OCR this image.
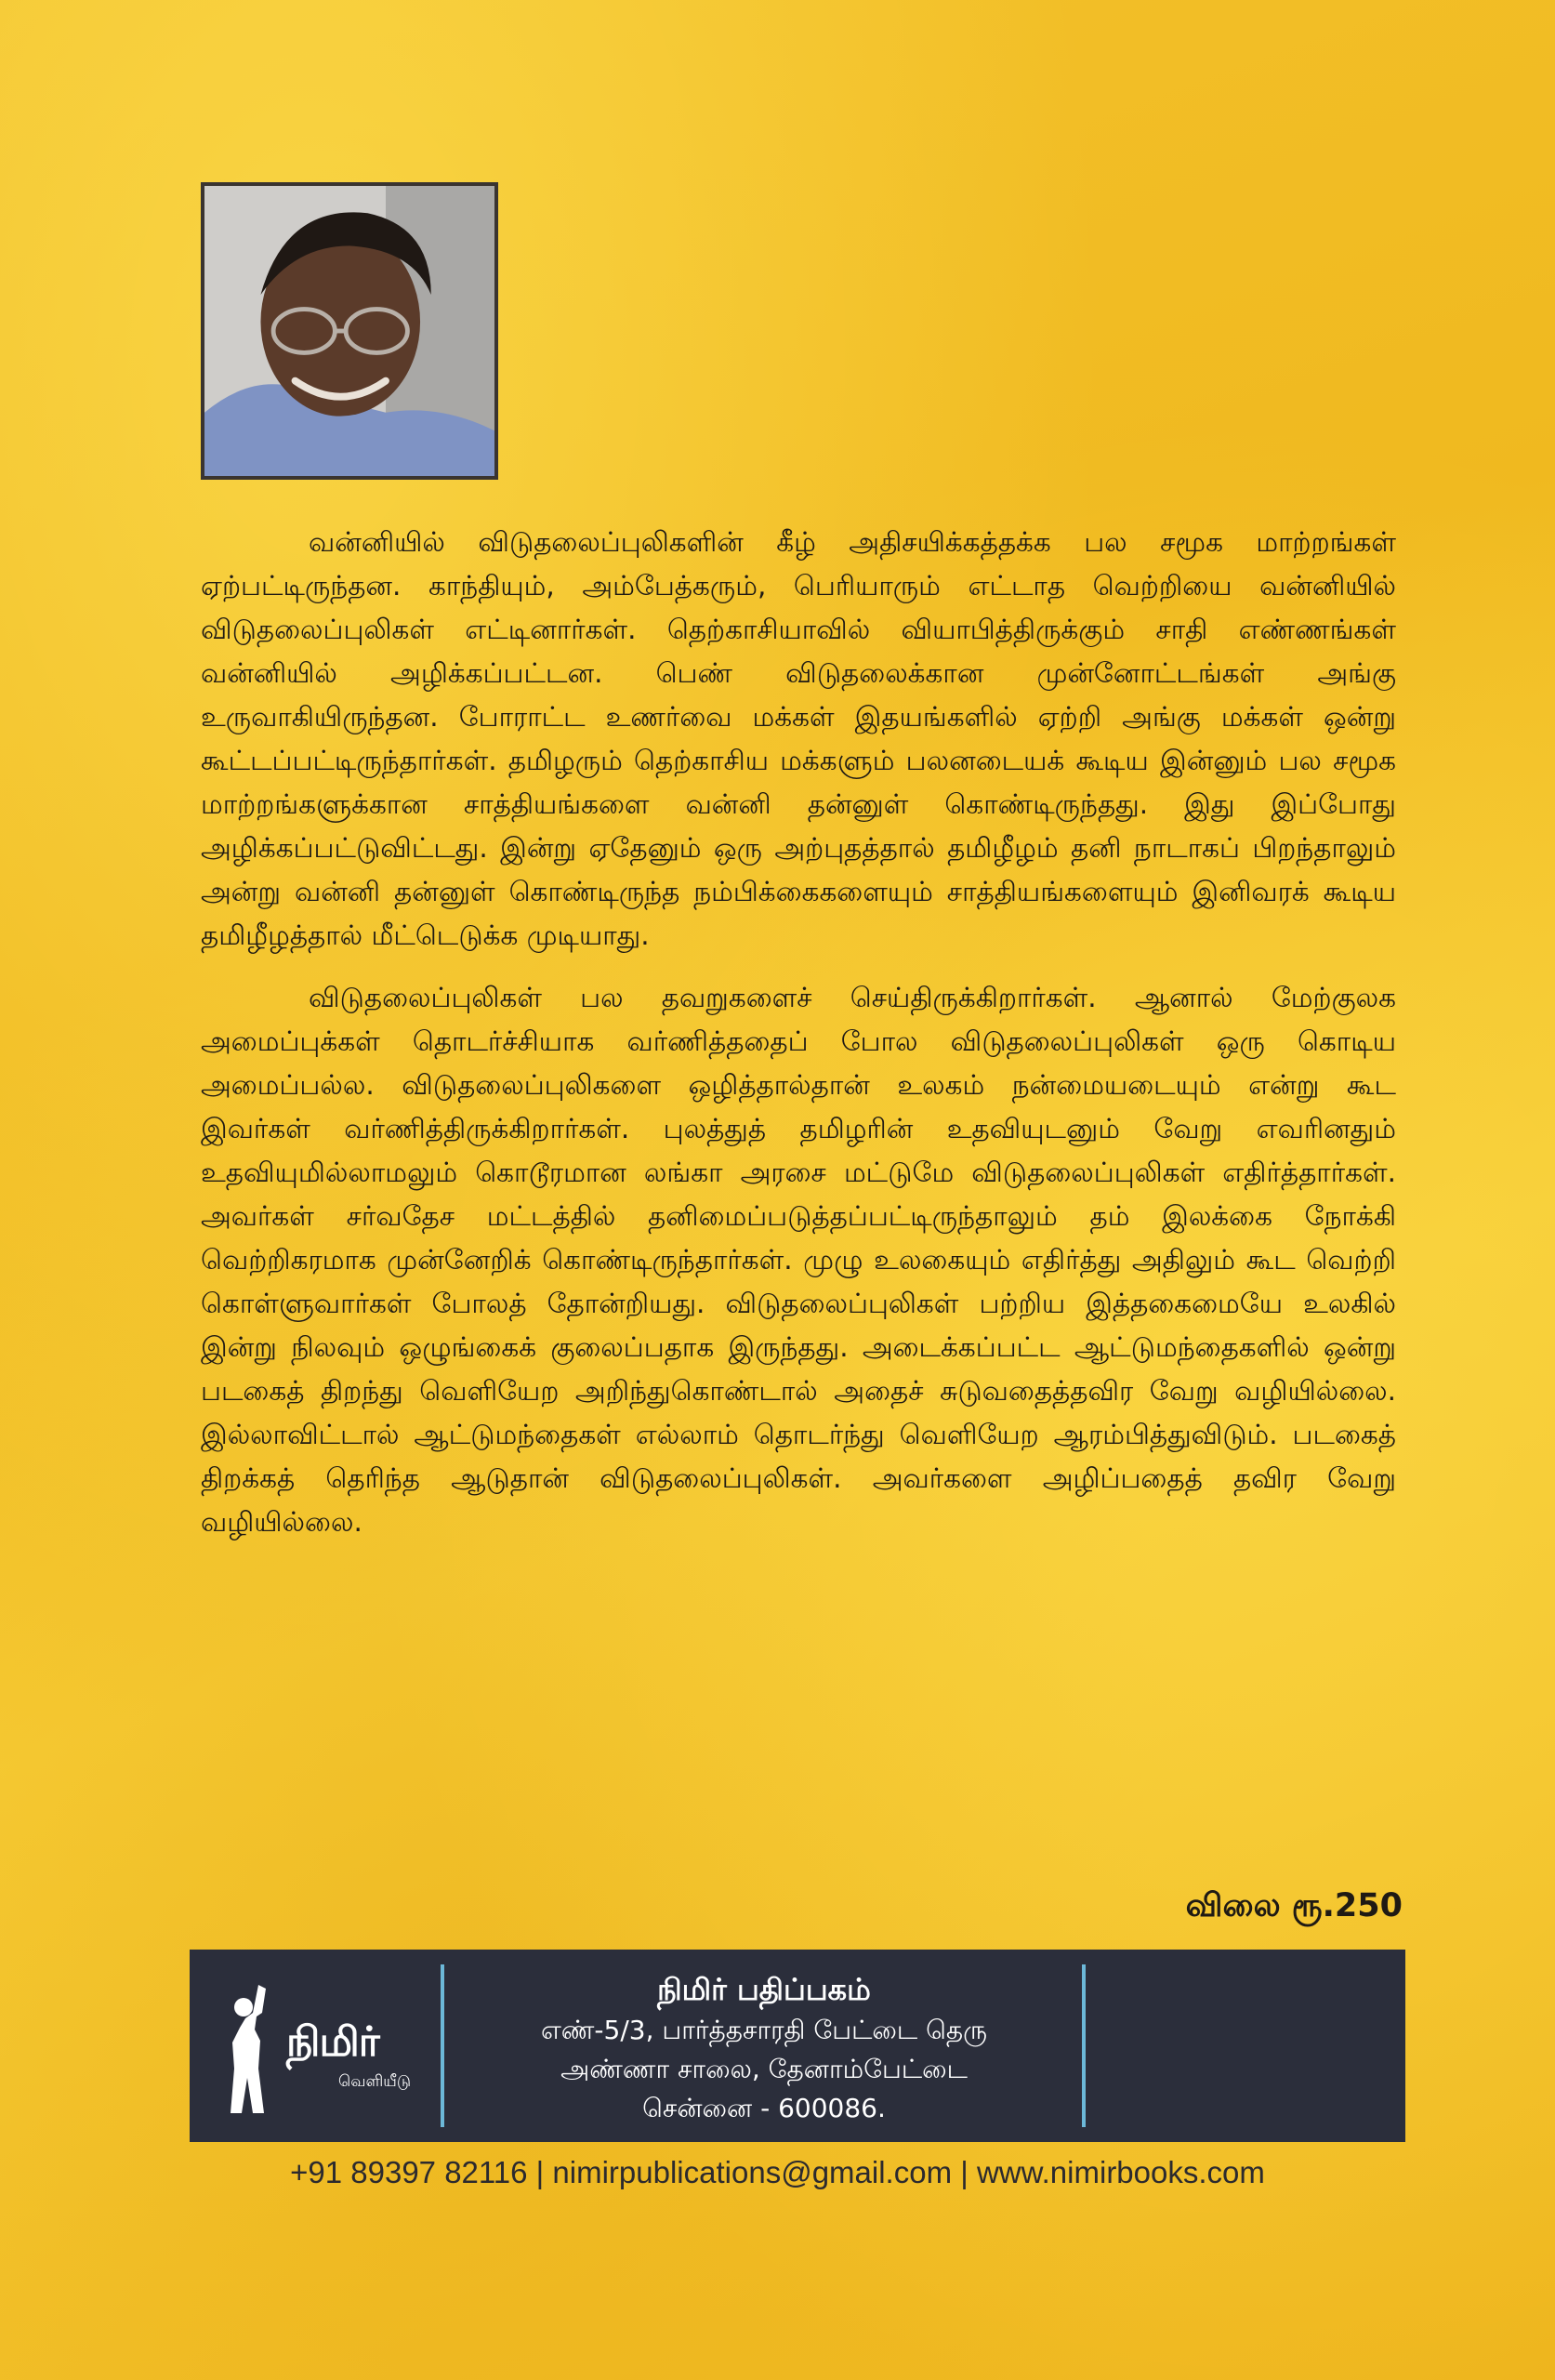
வன்னியில் விடுதலைப்புலிகளின் கீழ் அதிசயிக்கத்தக்க பல சமூக மாற்றங்கள் ஏற்பட்டிருந்தன. காந்தியும், அம்பேத்கரும், பெரியாரும் எட்டாத வெற்றியை வன்னியில் விடுதலைப்புலிகள் எட்டினார்கள். தெற்காசியாவில் வியாபித்திருக்கும் சாதி எண்ணங்கள் வன்னியில் அழிக்கப்பட்டன. பெண் விடுதலைக்கான முன்னோட்டங்கள் அங்கு உருவாகியிருந்தன. போராட்ட உணர்வை மக்கள் இதயங்களில் ஏற்றி அங்கு மக்கள் ஒன்று கூட்டப்பட்டிருந்தார்கள். தமிழரும் தெற்காசிய மக்களும் பலனடையக் கூடிய இன்னும் பல சமூக மாற்றங்களுக்கான சாத்தியங்களை வன்னி தன்னுள் கொண்டிருந்தது. இது இப்போது அழிக்கப்பட்டுவிட்டது. இன்று ஏதேனும் ஒரு அற்புதத்தால் தமிழீழம் தனி நாடாகப் பிறந்தாலும் அன்று வன்னி தன்னுள் கொண்டிருந்த நம்பிக்கைகளையும் சாத்தியங்களையும் இனிவரக் கூடிய தமிழீழத்தால் மீட்டெடுக்க முடியாது.

விடுதலைப்புலிகள் பல தவறுகளைச் செய்திருக்கிறார்கள். ஆனால் மேற்குலக அமைப்புக்கள் தொடர்ச்சியாக வர்ணித்ததைப் போல விடுதலைப்புலிகள் ஒரு கொடிய அமைப்பல்ல. விடுதலைப்புலிகளை ஒழித்தால்தான் உலகம் நன்மையடையும் என்று கூட இவர்கள் வர்ணித்திருக்கிறார்கள். புலத்துத் தமிழரின் உதவியுடனும் வேறு எவரினதும் உதவியுமில்லாமலும் கொடூரமான லங்கா அரசை மட்டுமே விடுதலைப்புலிகள் எதிர்த்தார்கள். அவர்கள் சர்வதேச மட்டத்தில் தனிமைப்படுத்தப்பட்டிருந்தாலும் தம் இலக்கை நோக்கி வெற்றிகரமாக முன்னேறிக் கொண்டிருந்தார்கள். முழு உலகையும் எதிர்த்து அதிலும் கூட வெற்றி கொள்ளுவார்கள் போலத் தோன்றியது. விடுதலைப்புலிகள் பற்றிய இத்தகைமையே உலகில் இன்று நிலவும் ஒழுங்கைக் குலைப்பதாக இருந்தது. அடைக்கப்பட்ட ஆட்டுமந்தைகளில் ஒன்று படகைத் திறந்து வெளியேற அறிந்துகொண்டால் அதைச் சுடுவதைத்தவிர வேறு வழியில்லை. இல்லாவிட்டால் ஆட்டுமந்தைகள் எல்லாம் தொடர்ந்து வெளியேற ஆரம்பித்துவிடும். படகைத் திறக்கத் தெரிந்த ஆடுதான் விடுதலைப்புலிகள். அவர்களை அழிப்பதைத் தவிர வேறு வழியில்லை.

விலை ரூ.250
நிமிர்
வெளியீடு
நிமிர் பதிப்பகம்
எண்-5/3, பார்த்தசாரதி பேட்டை தெரு
அண்ணா சாலை, தேனாம்பேட்டை
சென்னை - 600086.
+91 89397 82116 | nimirpublications@gmail.com | www.nimirbooks.com
